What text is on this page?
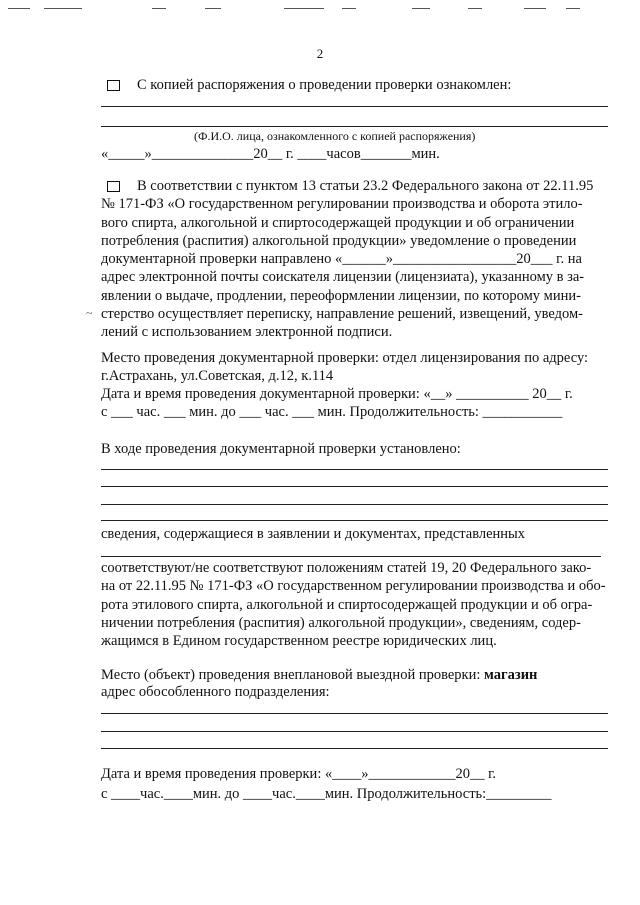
2
С копией распоряжения о проведении проверки ознакомлен:
(Ф.И.О. лица, ознакомленного с копией распоряжения)
«_____»______________20__ г. ____часов_______мин.
В соответствии с пунктом 13 статьи 23.2 Федерального закона от 22.11.95
№ 171-ФЗ «О государственном регулировании производства и оборота этило-
вого спирта, алкогольной и спиртосодержащей продукции и об ограничении
потребления (распития) алкогольной продукции» уведомление о проведении
документарной проверки направлено «______»_________________20___ г. на
адрес электронной почты соискателя лицензии (лицензиата), указанному в за-
явлении о выдаче, продлении, переоформлении лицензии, по которому мини-
стерство осуществляет переписку, направление решений, извещений, уведом-
лений с использованием электронной подписи.
~
Место проведения документарной проверки: отдел лицензирования по адресу:
г.Астрахань, ул.Советская, д.12, к.114
Дата и время проведения документарной проверки: «__» __________ 20__ г.
с ___ час. ___ мин. до ___ час. ___ мин. Продолжительность: ___________
В ходе проведения документарной проверки установлено:
сведения, содержащиеся в заявлении и документах, представленных
соответствуют/не соответствуют положениям статей 19, 20 Федерального зако-
на от 22.11.95 № 171-ФЗ «О государственном регулировании производства и обо-
рота этилового спирта, алкогольной и спиртосодержащей продукции и об огра-
ничении потребления (распития) алкогольной продукции», сведениям, содер-
жащимся в Едином государственном реестре юридических лиц.
Место (объект) проведения внеплановой выездной проверки: магазин
адрес обособленного подразделения:
Дата и время проведения проверки: «____»____________20__ г.
с ____час.____мин. до ____час.____мин. Продолжительность:_________
